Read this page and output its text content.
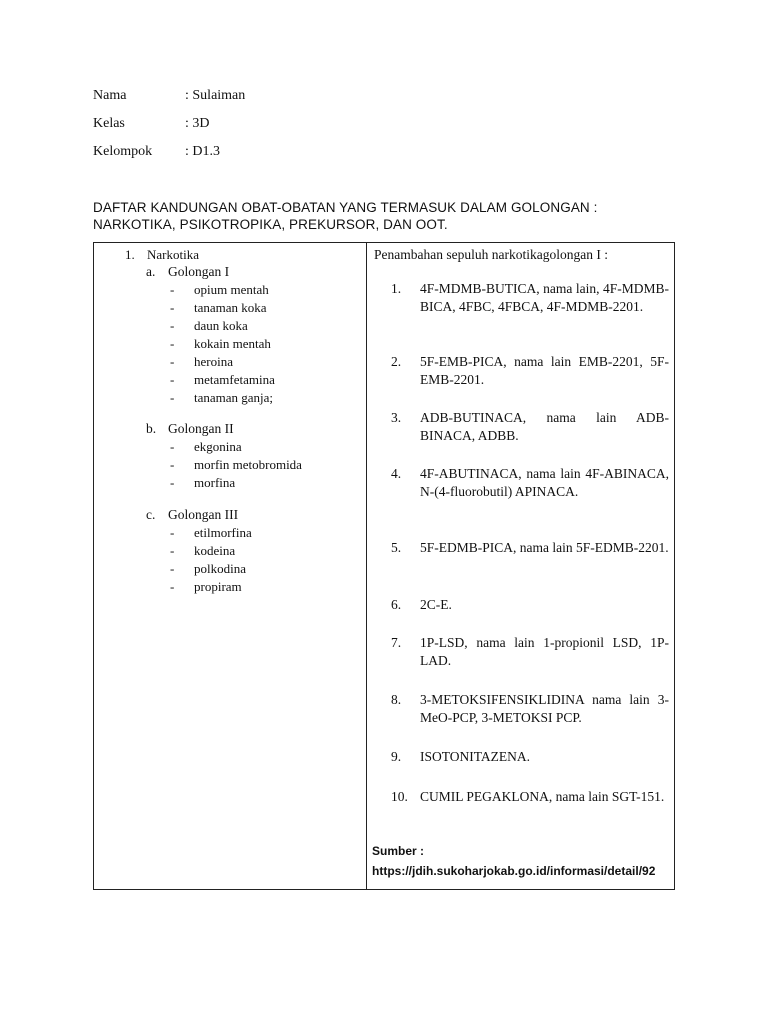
Nama	: Sulaiman
Kelas	: 3D
Kelompok : D1.3
DAFTAR KANDUNGAN OBAT-OBATAN YANG TERMASUK DALAM GOLONGAN :
NARKOTIKA, PSIKOTROPIKA, PREKURSOR, DAN OOT.
1. Narkotika
a. Golongan I
- opium mentah
- tanaman koka
- daun koka
- kokain mentah
- heroina
- metamfetamina
- tanaman ganja;
b. Golongan II
- ekgonina
- morfin metobromida
- morfina
c. Golongan III
- etilmorfina
- kodeina
- polkodina
- propiram
Penambahan sepuluh narkotikagolongan I :
1.	4F-MDMB-BUTICA, nama lain, 4F-MDMB-BICA, 4FBC, 4FBCA, 4F-MDMB-2201.
2.	5F-EMB-PICA, nama lain EMB-2201, 5F-EMB-2201.
3.	ADB-BUTINACA, nama lain ADB-BINACA, ADBB.
4.	4F-ABUTINACA, nama lain 4F-ABINACA, N-(4-fluorobutil) APINACA.
5.	5F-EDMB-PICA, nama lain 5F-EDMB-2201.
6.	2C-E.
7.	1P-LSD, nama lain 1-propionil LSD, 1P-LAD.
8.	3-METOKSIFENSIKLIDINA nama lain 3-MeO-PCP, 3-METOKSI PCP.
9.	ISOTONITAZENA.
10. CUMIL PEGAKLONA, nama lain SGT-151.
Sumber :
https://jdih.sukoharjokab.go.id/informasi/detail/92
